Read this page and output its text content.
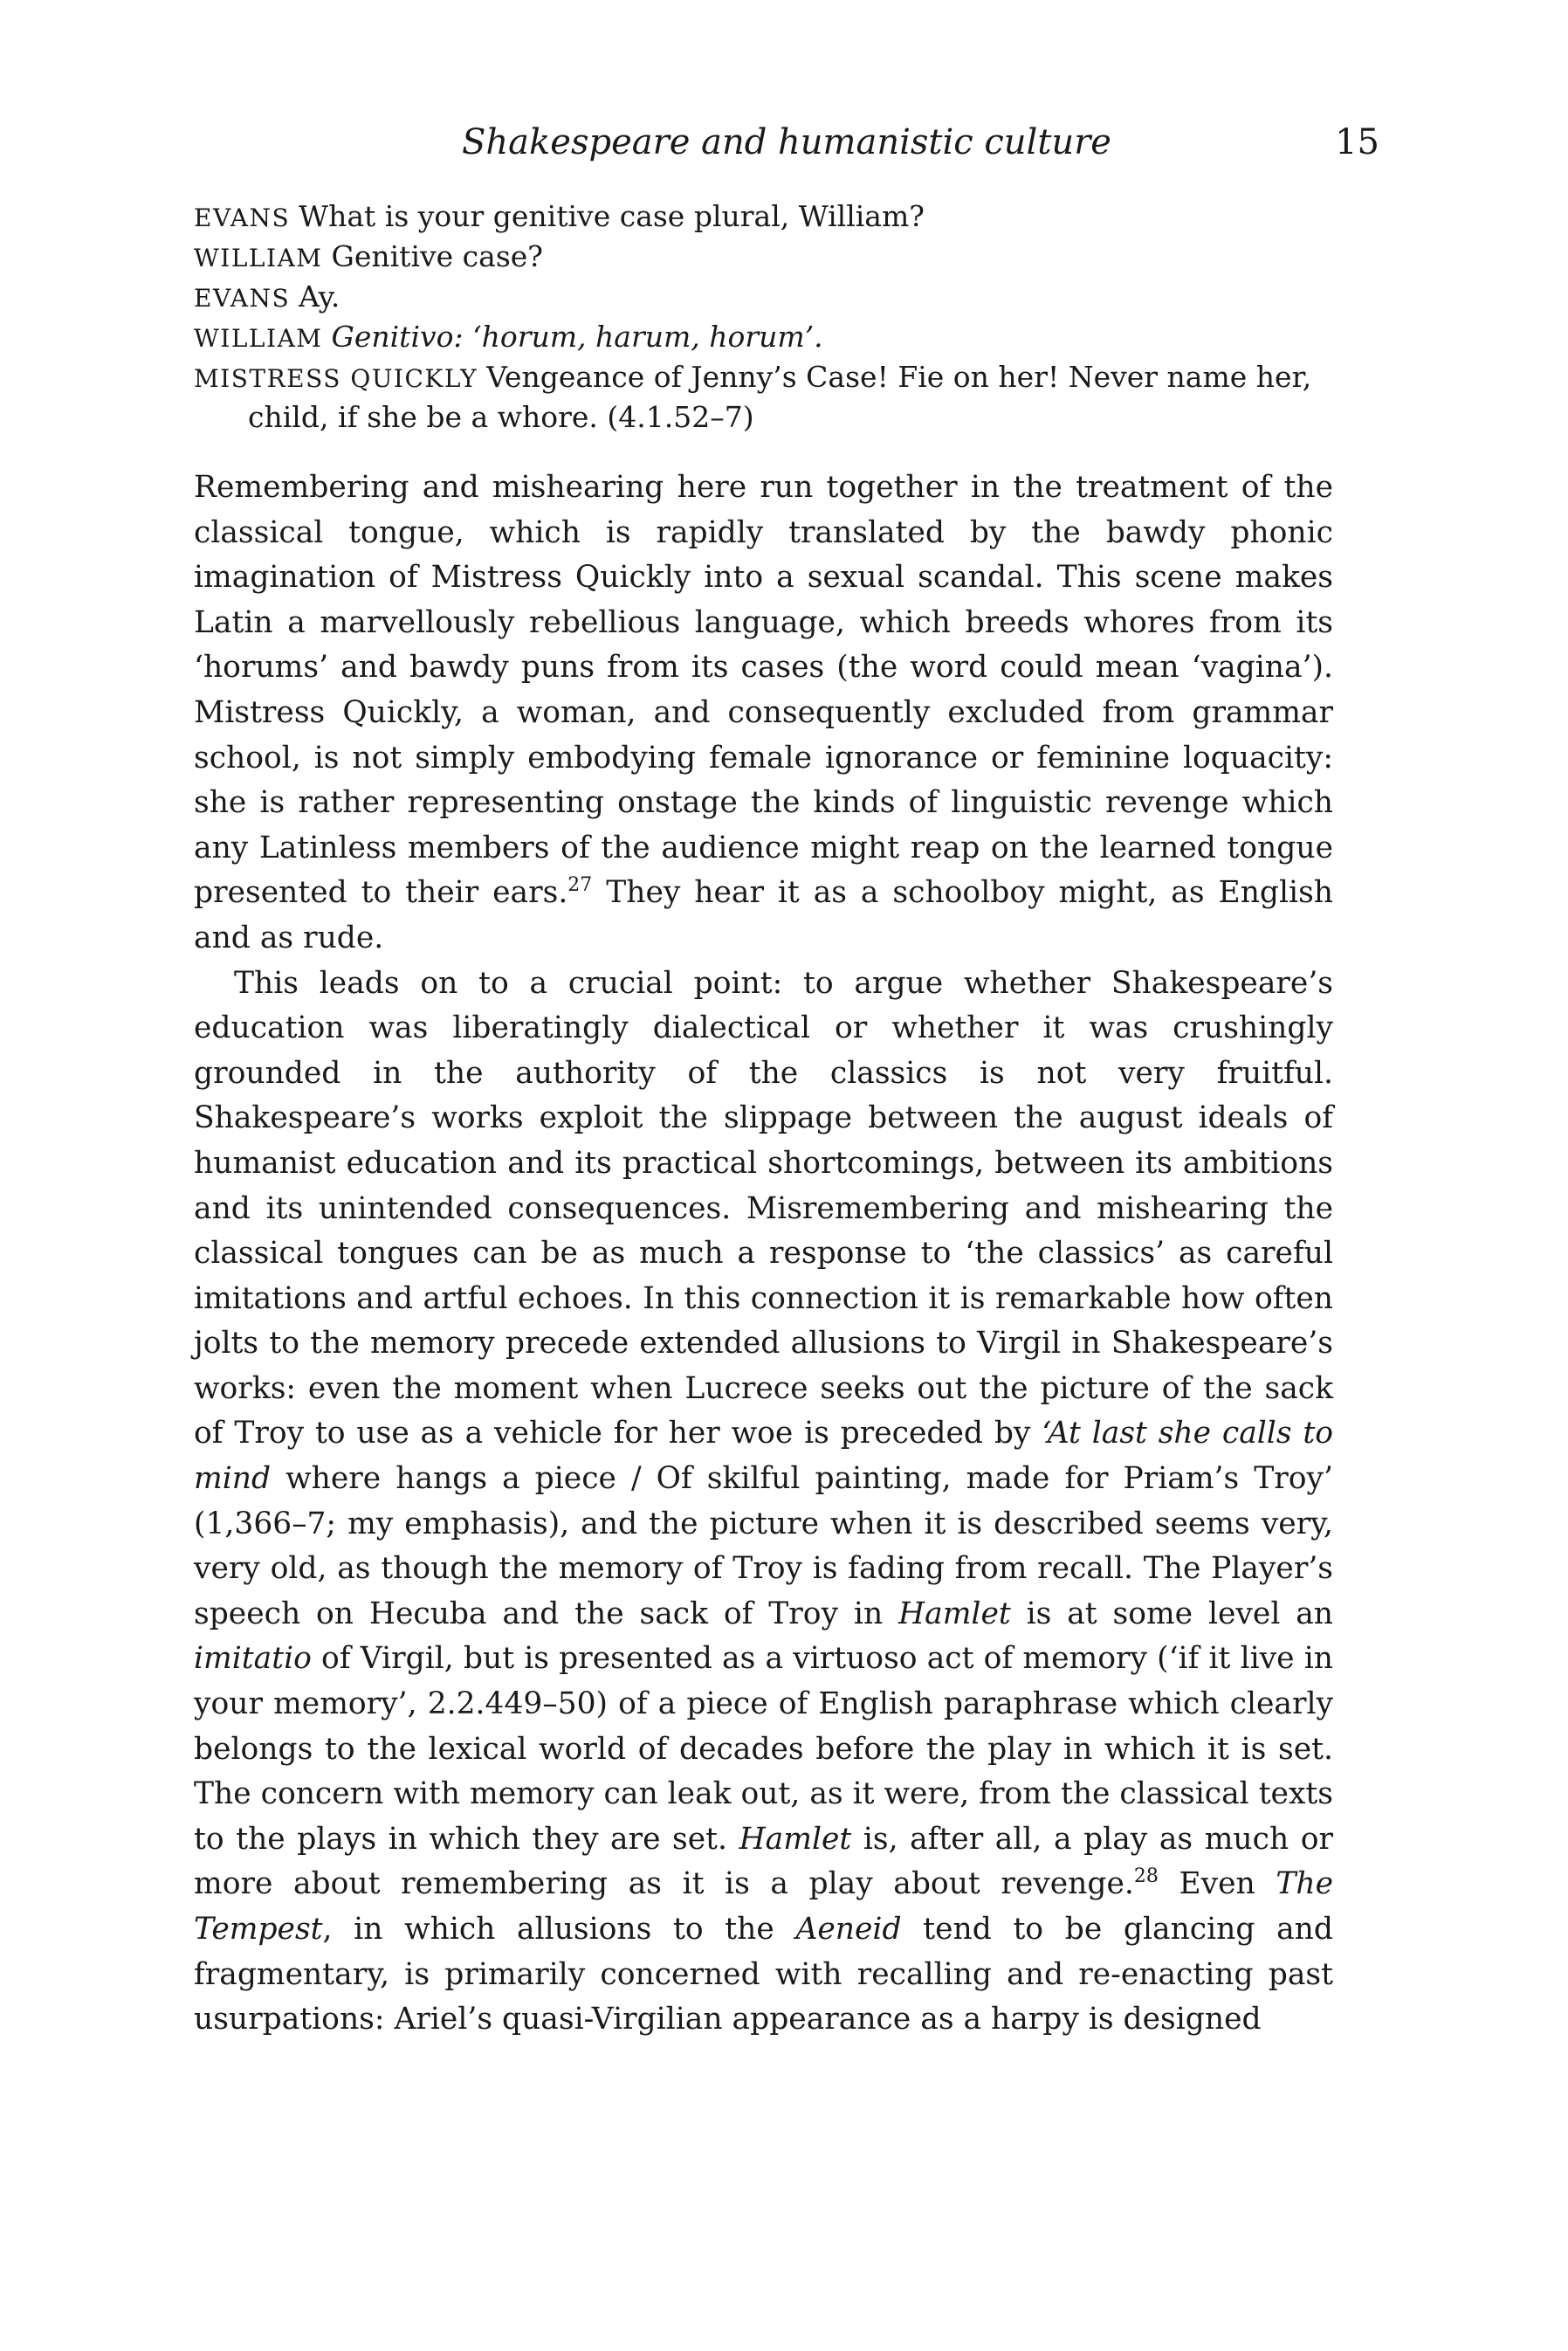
Shakespeare and humanistic culture	15

EVANS What is your genitive case plural, William?

WILLIAM Genitive case?

EVANS Ay.

WILLIAM Genitivo: ‘horum, harum, horum’.

MISTRESS QUICKLY Vengeance of Jenny’s Case! Fie on her! Never name her, child, if she be a whore. (4.1.52–7)

Remembering and mishearing here run together in the treatment of the classical tongue, which is rapidly translated by the bawdy phonic imagination of Mistress Quickly into a sexual scandal. This scene makes Latin a marvellously rebellious language, which breeds whores from its ‘horums’ and bawdy puns from its cases (the word could mean ‘vagina’). Mistress Quickly, a woman, and consequently excluded from grammar school, is not simply embodying female ignorance or feminine loquacity: she is rather representing onstage the kinds of linguistic revenge which any Latinless members of the audience might reap on the learned tongue presented to their ears.$^{27}$ They hear it as a schoolboy might, as English and as rude.

This leads on to a crucial point: to argue whether Shakespeare’s education was liberatingly dialectical or whether it was crushingly grounded in the authority of the classics is not very fruitful. Shakespeare’s works exploit the slippage between the august ideals of humanist education and its practical shortcomings, between its ambitions and its unintended consequences. Misremembering and mishearing the classical tongues can be as much a response to ‘the classics’ as careful imitations and artful echoes. In this connection it is remarkable how often jolts to the memory precede extended allusions to Virgil in Shakespeare’s works: even the moment when Lucrece seeks out the picture of the sack of Troy to use as a vehicle for her woe is preceded by ‘At last she calls to mind where hangs a piece / Of skilful painting, made for Priam’s Troy’ (1,366–7; my emphasis), and the picture when it is described seems very, very old, as though the memory of Troy is fading from recall. The Player’s speech on Hecuba and the sack of Troy in Hamlet is at some level an imitatio of Virgil, but is presented as a virtuoso act of memory (‘if it live in your memory’, 2.2.449–50) of a piece of English paraphrase which clearly belongs to the lexical world of decades before the play in which it is set. The concern with memory can leak out, as it were, from the classical texts to the plays in which they are set. Hamlet is, after all, a play as much or more about remembering as it is a play about revenge.$^{28}$ Even The Tempest, in which allusions to the Aeneid tend to be glancing and fragmentary, is primarily concerned with recalling and re-enacting past usurpations: Ariel’s quasi-Virgilian appearance as a harpy is designed
